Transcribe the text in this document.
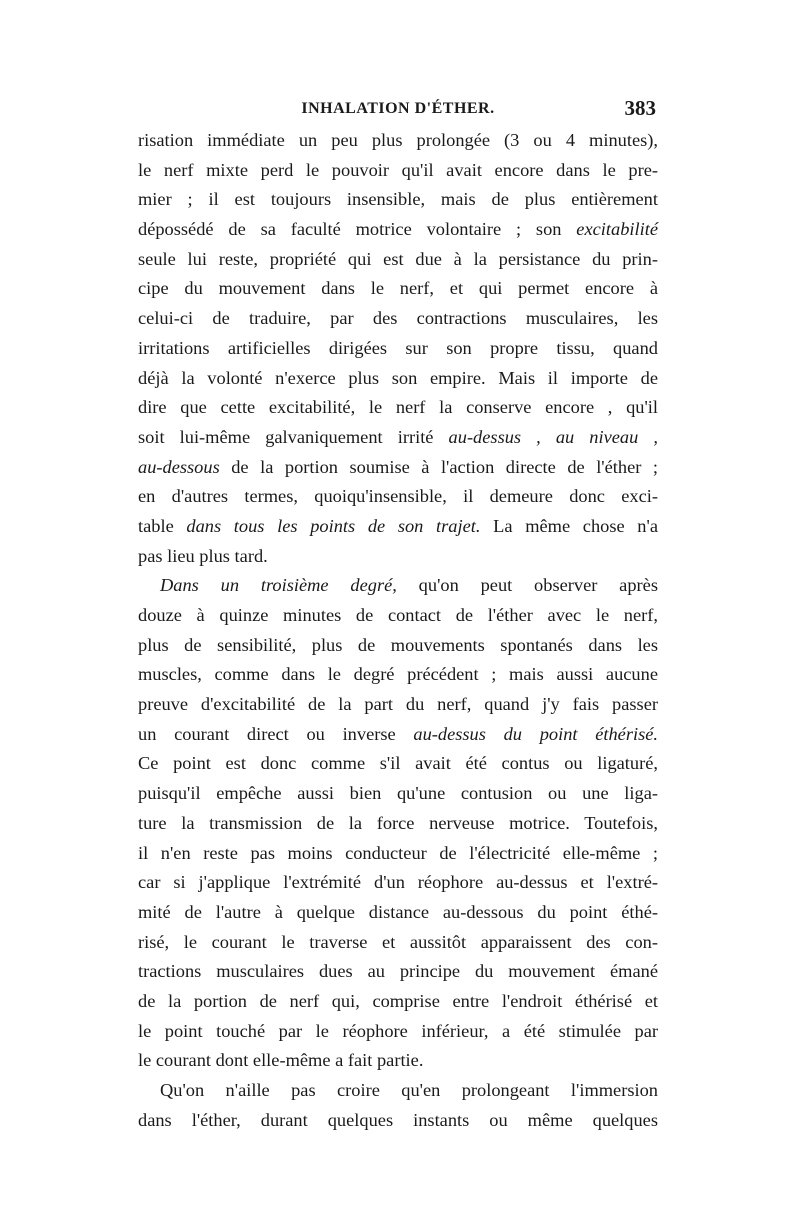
INHALATION D'ÉTHER.	383
risation immédiate un peu plus prolongée (3 ou 4 minutes),
le nerf mixte perd le pouvoir qu'il avait encore dans le pre-
mier ; il est toujours insensible, mais de plus entièrement
dépossédé de sa faculté motrice volontaire ; son excitabilité
seule lui reste, propriété qui est due à la persistance du prin-
cipe du mouvement dans le nerf, et qui permet encore à
celui-ci de traduire, par des contractions musculaires, les
irritations artificielles dirigées sur son propre tissu, quand
déjà la volonté n'exerce plus son empire. Mais il importe de
dire que cette excitabilité, le nerf la conserve encore , qu'il
soit lui-même galvaniquement irrité au-dessus , au niveau ,
au-dessous de la portion soumise à l'action directe de l'éther ;
en d'autres termes, quoiqu'insensible, il demeure donc exci-
table dans tous les points de son trajet. La même chose n'a
pas lieu plus tard.
Dans un troisième degré, qu'on peut observer après
douze à quinze minutes de contact de l'éther avec le nerf,
plus de sensibilité, plus de mouvements spontanés dans les
muscles, comme dans le degré précédent ; mais aussi aucune
preuve d'excitabilité de la part du nerf, quand j'y fais passer
un courant direct ou inverse au-dessus du point éthérisé.
Ce point est donc comme s'il avait été contus ou ligaturé,
puisqu'il empêche aussi bien qu'une contusion ou une liga-
ture la transmission de la force nerveuse motrice. Toutefois,
il n'en reste pas moins conducteur de l'électricité elle-même ;
car si j'applique l'extrémité d'un réophore au-dessus et l'extré-
mité de l'autre à quelque distance au-dessous du point éthé-
risé, le courant le traverse et aussitôt apparaissent des con-
tractions musculaires dues au principe du mouvement émané
de la portion de nerf qui, comprise entre l'endroit éthérisé et
le point touché par le réophore inférieur, a été stimulée par
le courant dont elle-même a fait partie.
Qu'on n'aille pas croire qu'en prolongeant l'immersion
dans l'éther, durant quelques instants ou même quelques
